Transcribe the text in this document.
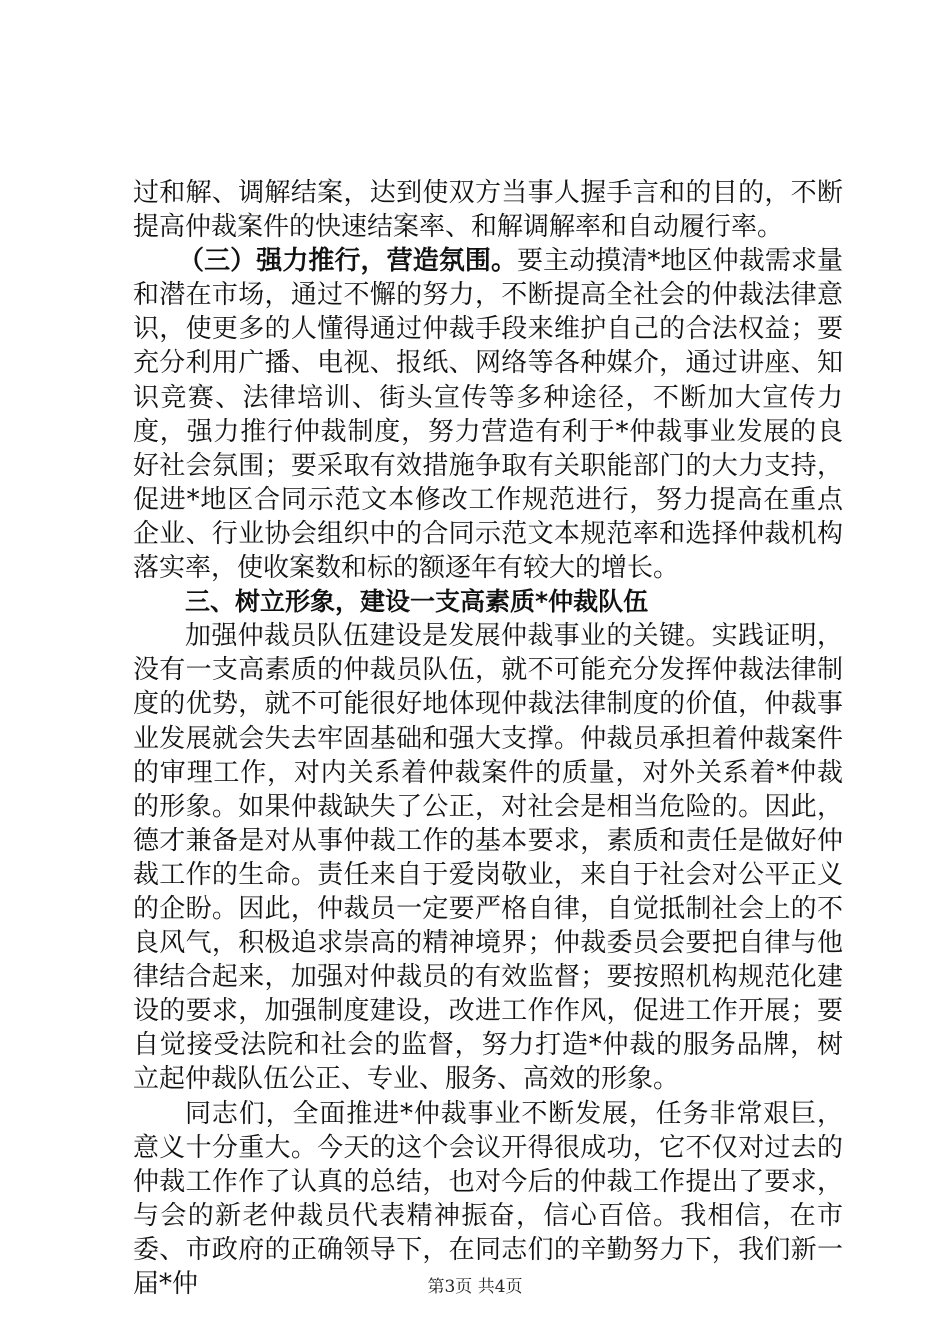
过和解、调解结案，达到使双方当事人握手言和的目的，不断提高仲裁案件的快速结案率、和解调解率和自动履行率。

（三）强力推行，营造氛围。要主动摸清*地区仲裁需求量和潜在市场，通过不懈的努力，不断提高全社会的仲裁法律意识，使更多的人懂得通过仲裁手段来维护自己的合法权益；要充分利用广播、电视、报纸、网络等各种媒介，通过讲座、知识竞赛、法律培训、街头宣传等多种途径，不断加大宣传力度，强力推行仲裁制度，努力营造有利于*仲裁事业发展的良好社会氛围；要采取有效措施争取有关职能部门的大力支持，促进*地区合同示范文本修改工作规范进行，努力提高在重点企业、行业协会组织中的合同示范文本规范率和选择仲裁机构落实率，使收案数和标的额逐年有较大的增长。

三、树立形象，建设一支高素质*仲裁队伍

加强仲裁员队伍建设是发展仲裁事业的关键。实践证明，没有一支高素质的仲裁员队伍，就不可能充分发挥仲裁法律制度的优势，就不可能很好地体现仲裁法律制度的价值，仲裁事业发展就会失去牢固基础和强大支撑。仲裁员承担着仲裁案件的审理工作，对内关系着仲裁案件的质量，对外关系着*仲裁的形象。如果仲裁缺失了公正，对社会是相当危险的。因此，德才兼备是对从事仲裁工作的基本要求，素质和责任是做好仲裁工作的生命。责任来自于爱岗敬业，来自于社会对公平正义的企盼。因此，仲裁员一定要严格自律，自觉抵制社会上的不良风气，积极追求崇高的精神境界；仲裁委员会要把自律与他律结合起来，加强对仲裁员的有效监督；要按照机构规范化建设的要求，加强制度建设，改进工作作风，促进工作开展；要自觉接受法院和社会的监督，努力打造*仲裁的服务品牌，树立起仲裁队伍公正、专业、服务、高效的形象。

同志们，全面推进*仲裁事业不断发展，任务非常艰巨，意义十分重大。今天的这个会议开得很成功，它不仅对过去的仲裁工作作了认真的总结，也对今后的仲裁工作提出了要求，与会的新老仲裁员代表精神振奋，信心百倍。我相信，在市委、市政府的正确领导下，在同志们的辛勤努力下，我们新一届*仲	第3页 共4页
